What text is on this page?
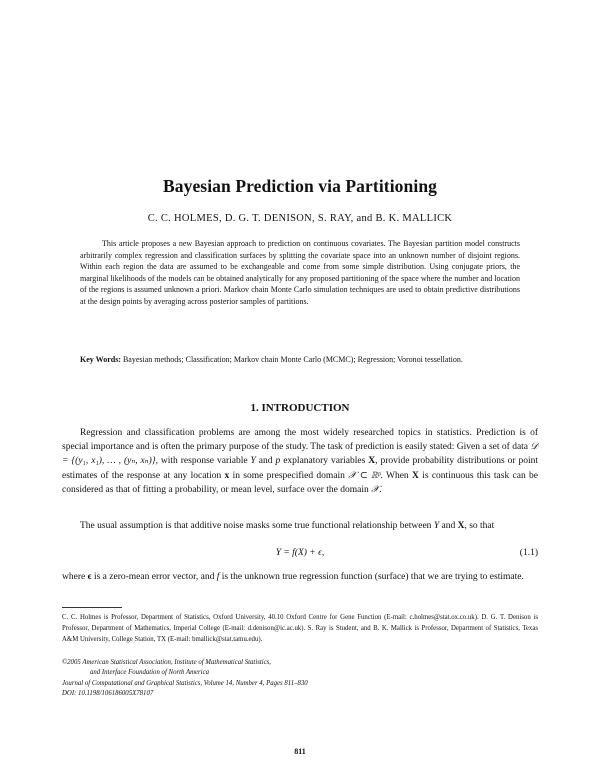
Bayesian Prediction via Partitioning
C. C. HOLMES, D. G. T. DENISON, S. RAY, and B. K. MALLICK

This article proposes a new Bayesian approach to prediction on continuous covariates. The Bayesian partition model constructs arbitrarily complex regression and classification surfaces by splitting the covariate space into an unknown number of disjoint regions. Within each region the data are assumed to be exchangeable and come from some simple distribution. Using conjugate priors, the marginal likelihoods of the models can be obtained analytically for any proposed partitioning of the space where the number and location of the regions is assumed unknown a priori. Markov chain Monte Carlo simulation techniques are used to obtain predictive distributions at the design points by averaging across posterior samples of partitions.

Key Words: Bayesian methods; Classification; Markov chain Monte Carlo (MCMC); Regression; Voronoi tessellation.
1. INTRODUCTION

Regression and classification problems are among the most widely researched topics in statistics. Prediction is of special importance and is often the primary purpose of the study. The task of prediction is easily stated: Given a set of data 𝒟 = {(y₁, x₁), … , (yₙ, xₙ)}, with response variable Y and p explanatory variables X, provide probability distributions or point estimates of the response at any location x in some prespecified domain 𝒳 ⊂ ℝᵖ. When X is continuous this task can be considered as that of fitting a probability, or mean level, surface over the domain 𝒳.

The usual assumption is that additive noise masks some true functional relationship between Y and X, so that

Y = f(X) + ϵ,	(1.1)

where ϵ is a zero-mean error vector, and f is the unknown true regression function (surface) that we are trying to estimate.

C. C. Holmes is Professor, Department of Statistics, Oxford University, 40.10 Oxford Centre for Gene Function (E-mail: c.holmes@stat.ox.co.uk). D. G. T. Denison is Professor, Department of Mathematics, Imperial College (E-mail: d.denison@ic.ac.uk). S. Ray is Student, and B. K. Mallick is Professor, Department of Statistics, Texas A&M University, College Station, TX (E-mail: bmallick@stat.tamu.edu).

©2005 American Statistical Association, Institute of Mathematical Statistics,
and Interface Foundation of North America
Journal of Computational and Graphical Statistics, Volume 14, Number 4, Pages 811–830
DOI: 10.1198/106186005X78107
811
